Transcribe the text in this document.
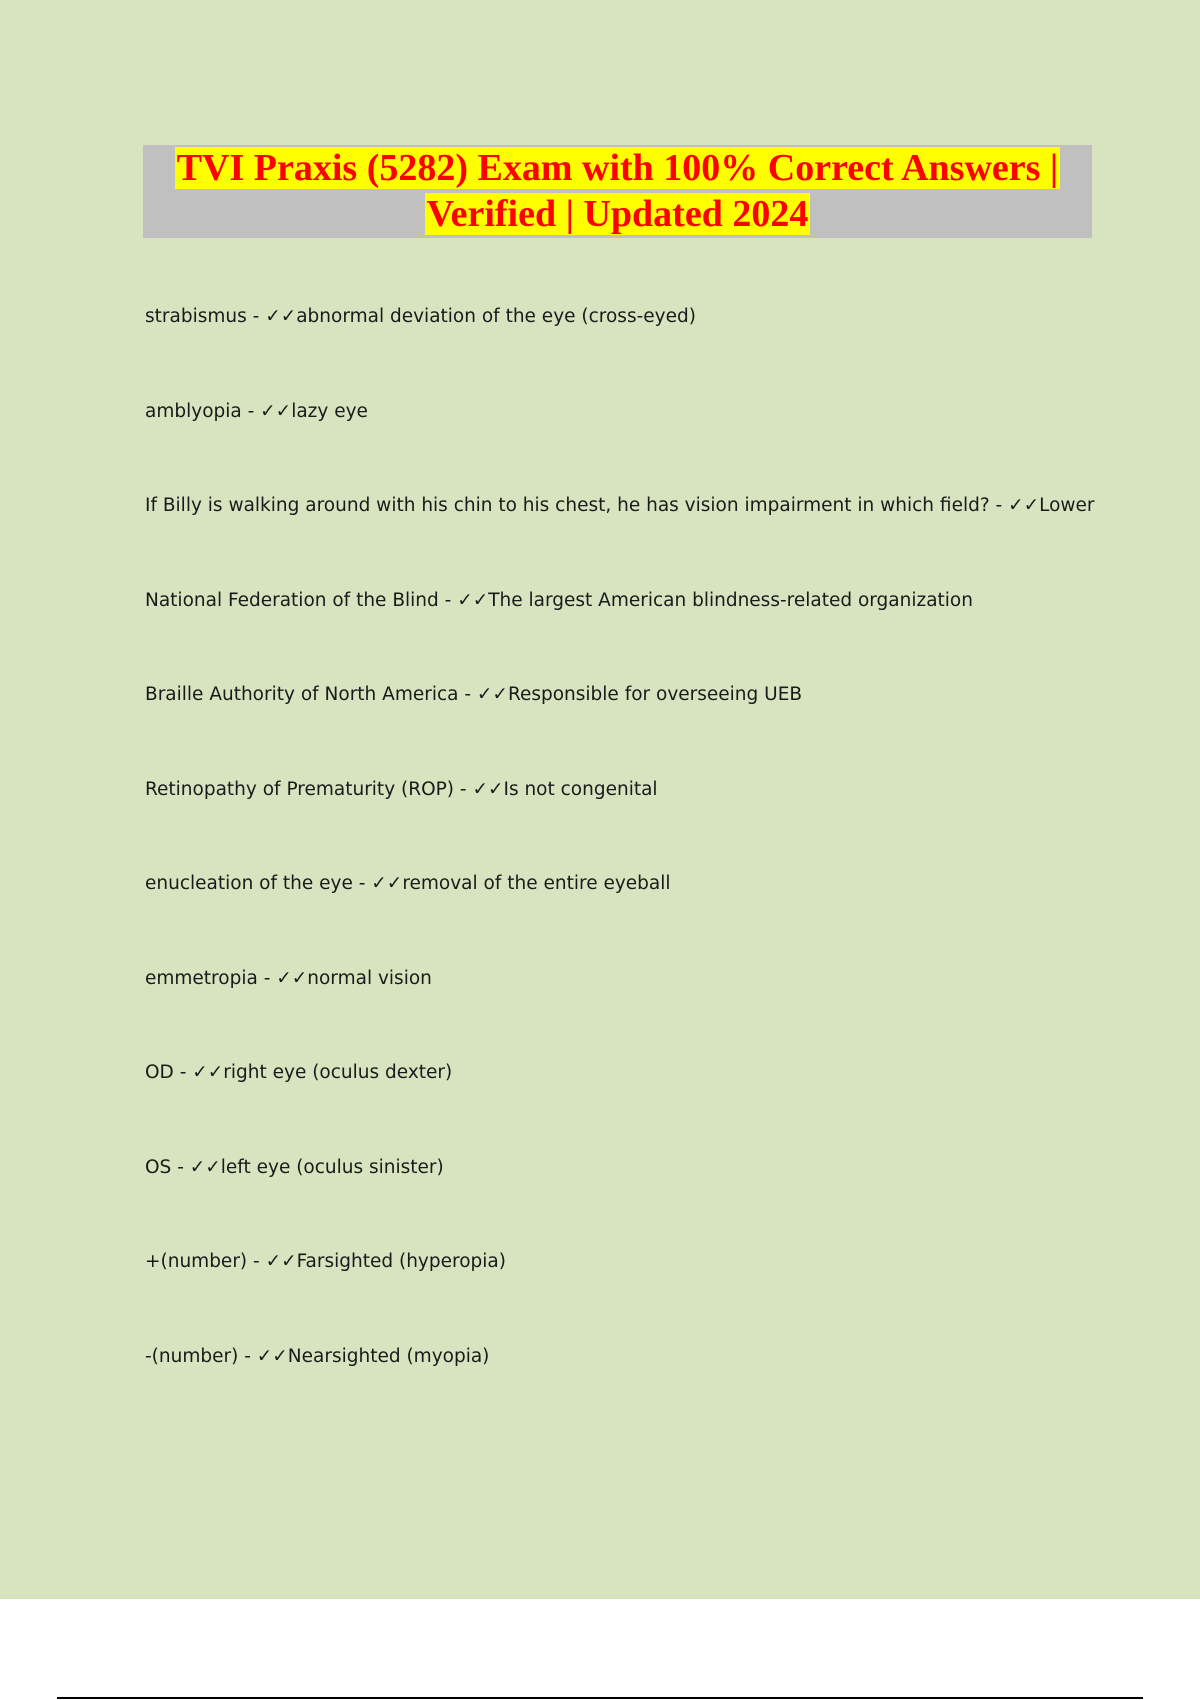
TVI Praxis (5282) Exam with 100% Correct Answers |
Verified | Updated 2024
strabismus - ✓✓abnormal deviation of the eye (cross-eyed)
amblyopia - ✓✓lazy eye
If Billy is walking around with his chin to his chest, he has vision impairment in which field? - ✓✓Lower
National Federation of the Blind - ✓✓The largest American blindness-related organization
Braille Authority of North America - ✓✓Responsible for overseeing UEB
Retinopathy of Prematurity (ROP) - ✓✓Is not congenital
enucleation of the eye - ✓✓removal of the entire eyeball
emmetropia - ✓✓normal vision
OD - ✓✓right eye (oculus dexter)
OS - ✓✓left eye (oculus sinister)
+(number) - ✓✓Farsighted (hyperopia)
-(number) - ✓✓Nearsighted (myopia)
